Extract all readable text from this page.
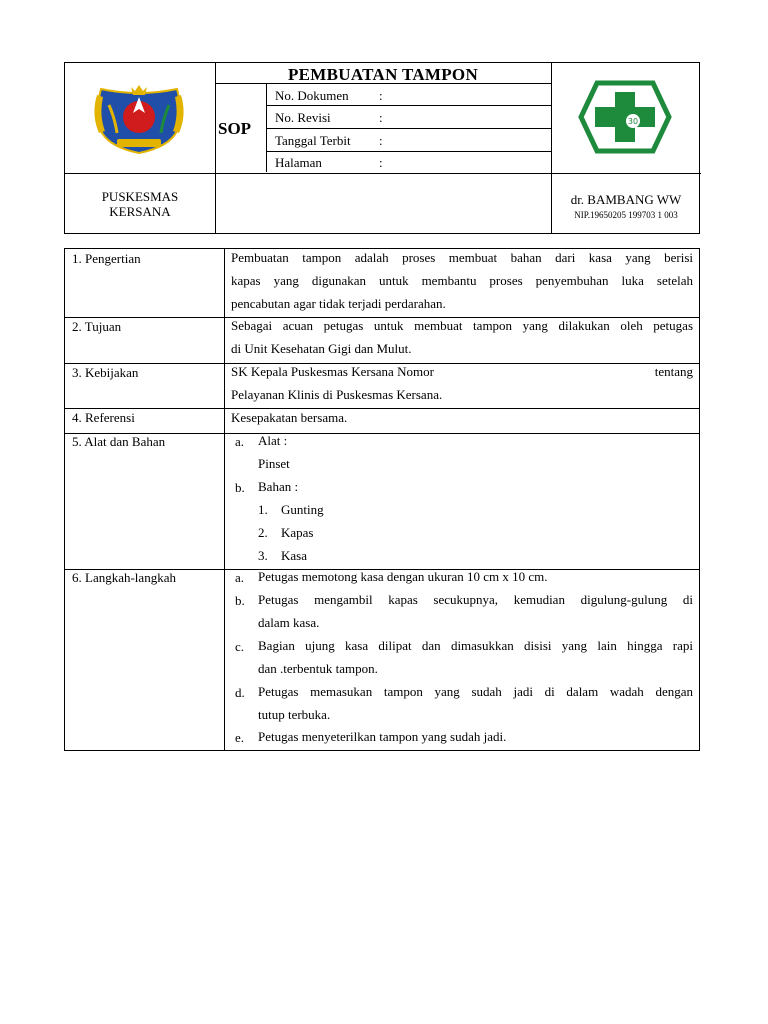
PEMBUATAN TAMPON
SOP
No. Dokumen :
No. Revisi	:
Tanggal Terbit :
Halaman	:
30
PUSKESMAS
KERSANA
dr. BAMBANG WW
NIP.19650205 199703 1 003
1. Pengertian	Pembuatan tampon adalah proses membuat bahan dari kasa yang berisi
kapas yang digunakan untuk membantu proses penyembuhan luka setelah
pencabutan agar tidak terjadi perdarahan.
2. Tujuan	Sebagai acuan petugas untuk membuat tampon yang dilakukan oleh petugas
di Unit Kesehatan Gigi dan Mulut.
3. Kebijakan	SK Kepala Puskesmas Kersana Nomor	tentang
Pelayanan Klinis di Puskesmas Kersana.
4. Referensi	Kesepakatan bersama.
5. Alat dan Bahan	a. Alat :
Pinset
b. Bahan :
1. Gunting
2. Kapas
3. Kasa
6. Langkah-langkah	a. Petugas memotong kasa dengan ukuran 10 cm x 10 cm.
b. Petugas mengambil kapas secukupnya, kemudian digulung-gulung di
dalam kasa.
c. Bagian ujung kasa dilipat dan dimasukkan disisi yang lain hingga rapi
dan .terbentuk tampon.
d. Petugas memasukan tampon yang sudah jadi di dalam wadah dengan
tutup terbuka.
e. Petugas menyeterilkan tampon yang sudah jadi.
